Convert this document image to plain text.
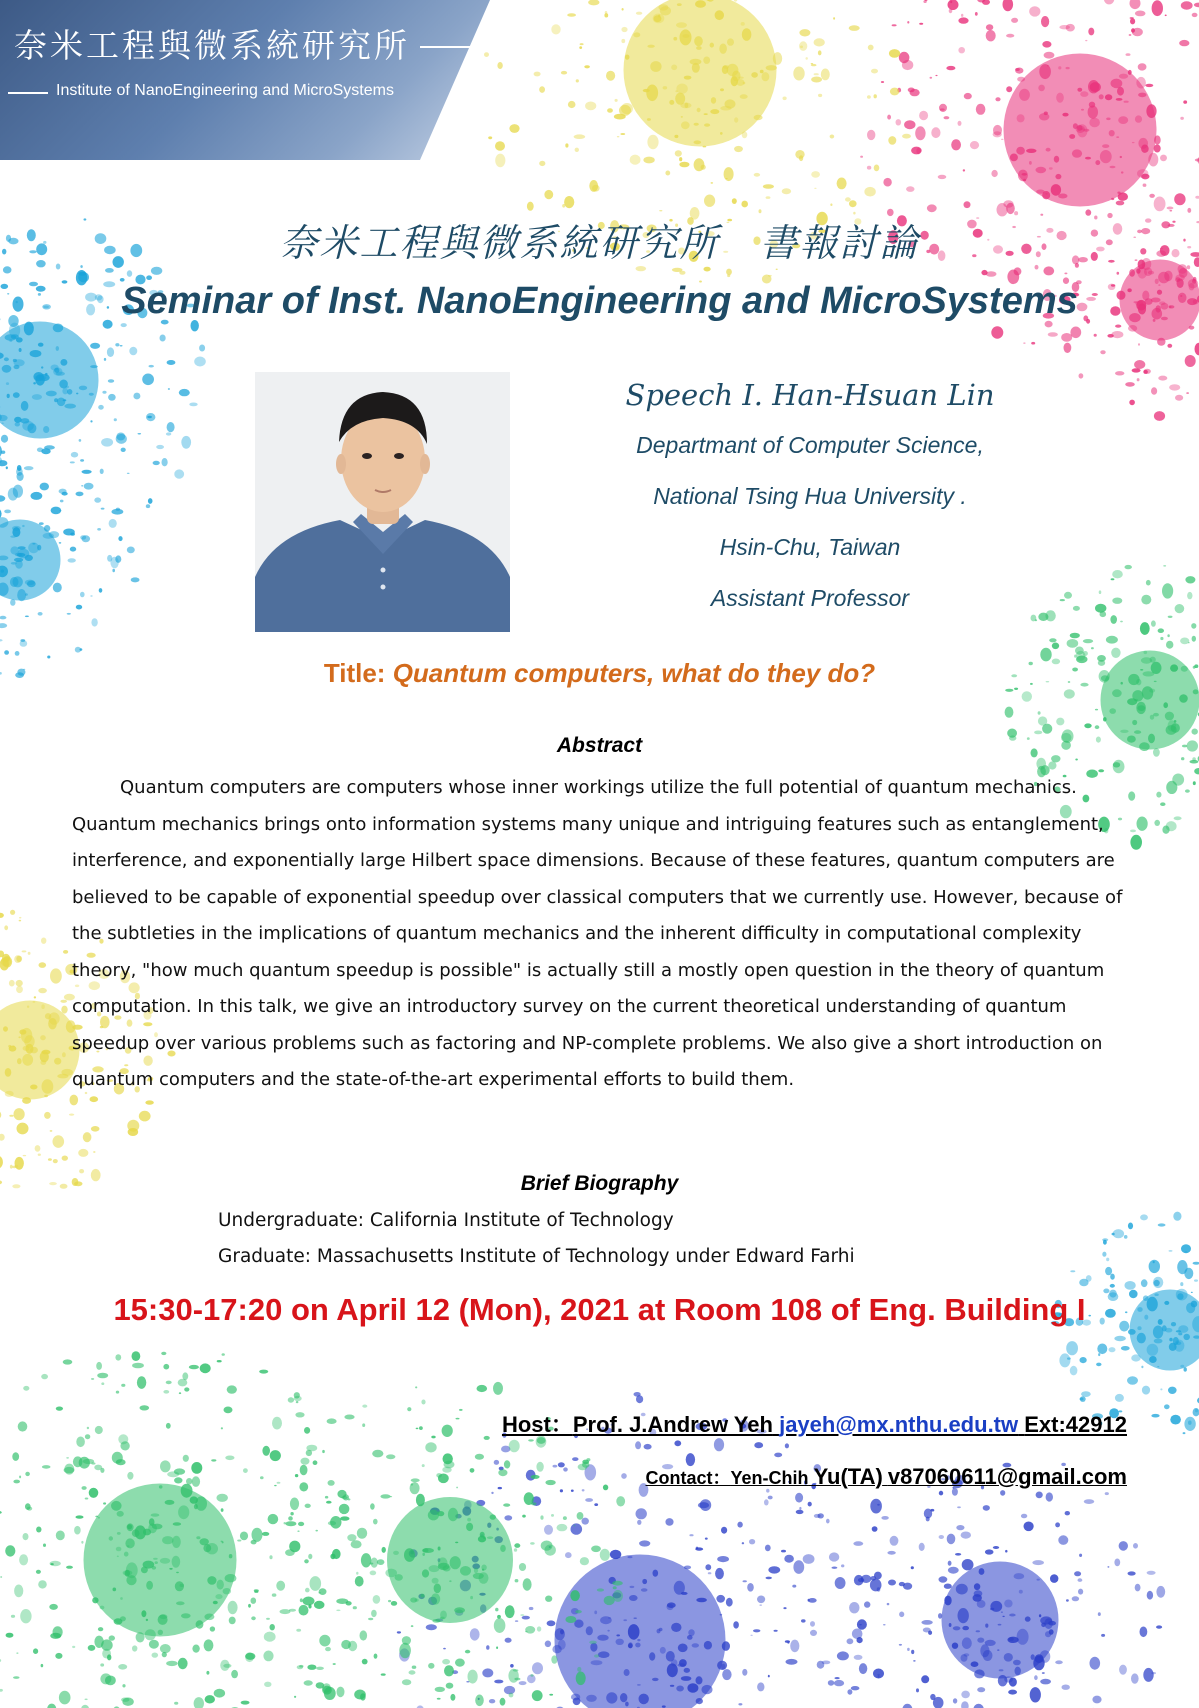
奈米工程與微系統研究所
Institute of NanoEngineering and MicroSystems
奈米工程與微系統研究所　書報討論
Seminar of Inst. NanoEngineering and MicroSystems
Speech I. Han-Hsuan Lin
Departmant of Computer Science,
National Tsing Hua University .
Hsin-Chu, Taiwan
Assistant Professor
Title: Quantum computers, what do they do?
Abstract
Quantum computers are computers whose inner workings utilize the full potential of quantum mechanics. Quantum mechanics brings onto information systems many unique and intriguing features such as entanglement, interference, and exponentially large Hilbert space dimensions. Because of these features, quantum computers are believed to be capable of exponential speedup over classical computers that we currently use. However, because of the subtleties in the implications of quantum mechanics and the inherent difficulty in computational complexity theory, "how much quantum speedup is possible" is actually still a mostly open question in the theory of quantum computation. In this talk, we give an introductory survey on the current theoretical understanding of quantum speedup over various problems such as factoring and NP-complete problems. We also give a short introduction on quantum computers and the state-of-the-art experimental efforts to build them.
Brief Biography
Undergraduate: California Institute of Technology
Graduate: Massachusetts Institute of Technology under Edward Farhi
15:30-17:20 on April 12 (Mon), 2021 at Room 108 of Eng. Building I
Host：Prof. J.Andrew Yeh jayeh@mx.nthu.edu.tw Ext:42912
Contact：Yen-Chih Yu(TA) v87060611@gmail.com
